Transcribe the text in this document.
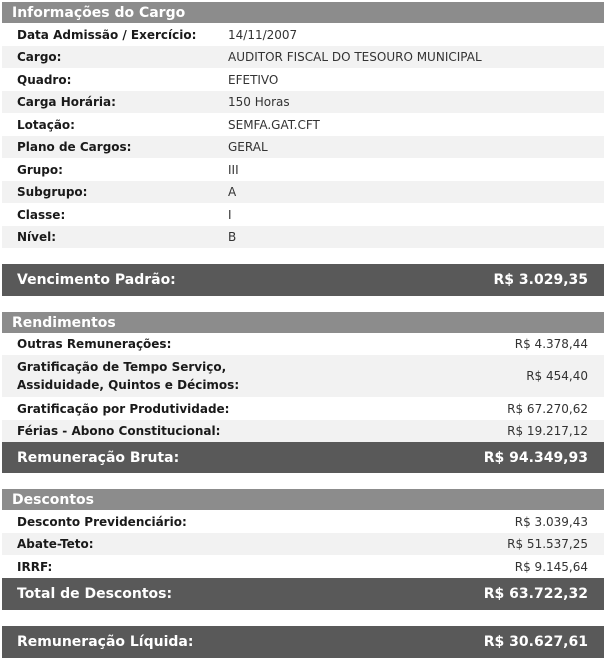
Informações do Cargo
Data Admissão / Exercício:	14/11/2007
Cargo:	AUDITOR FISCAL DO TESOURO MUNICIPAL
Quadro:	EFETIVO
Carga Horária:	150 Horas
Lotação:	SEMFA.GAT.CFT
Plano de Cargos:	GERAL
Grupo:	III
Subgrupo:	A
Classe:	I
Nível:	B
Vencimento Padrão:	R$ 3.029,35
Rendimentos
Outras Remunerações:	R$ 4.378,44
Gratificação de Tempo Serviço, Assiduidade, Quintos e Décimos:
R$ 454,40
Gratificação por Produtividade:	R$ 67.270,62
Férias - Abono Constitucional:	R$ 19.217,12
Remuneração Bruta:	R$ 94.349,93
Descontos
Desconto Previdenciário:	R$ 3.039,43
Abate-Teto:	R$ 51.537,25
IRRF:	R$ 9.145,64
Total de Descontos:	R$ 63.722,32
Remuneração Líquida:	R$ 30.627,61
